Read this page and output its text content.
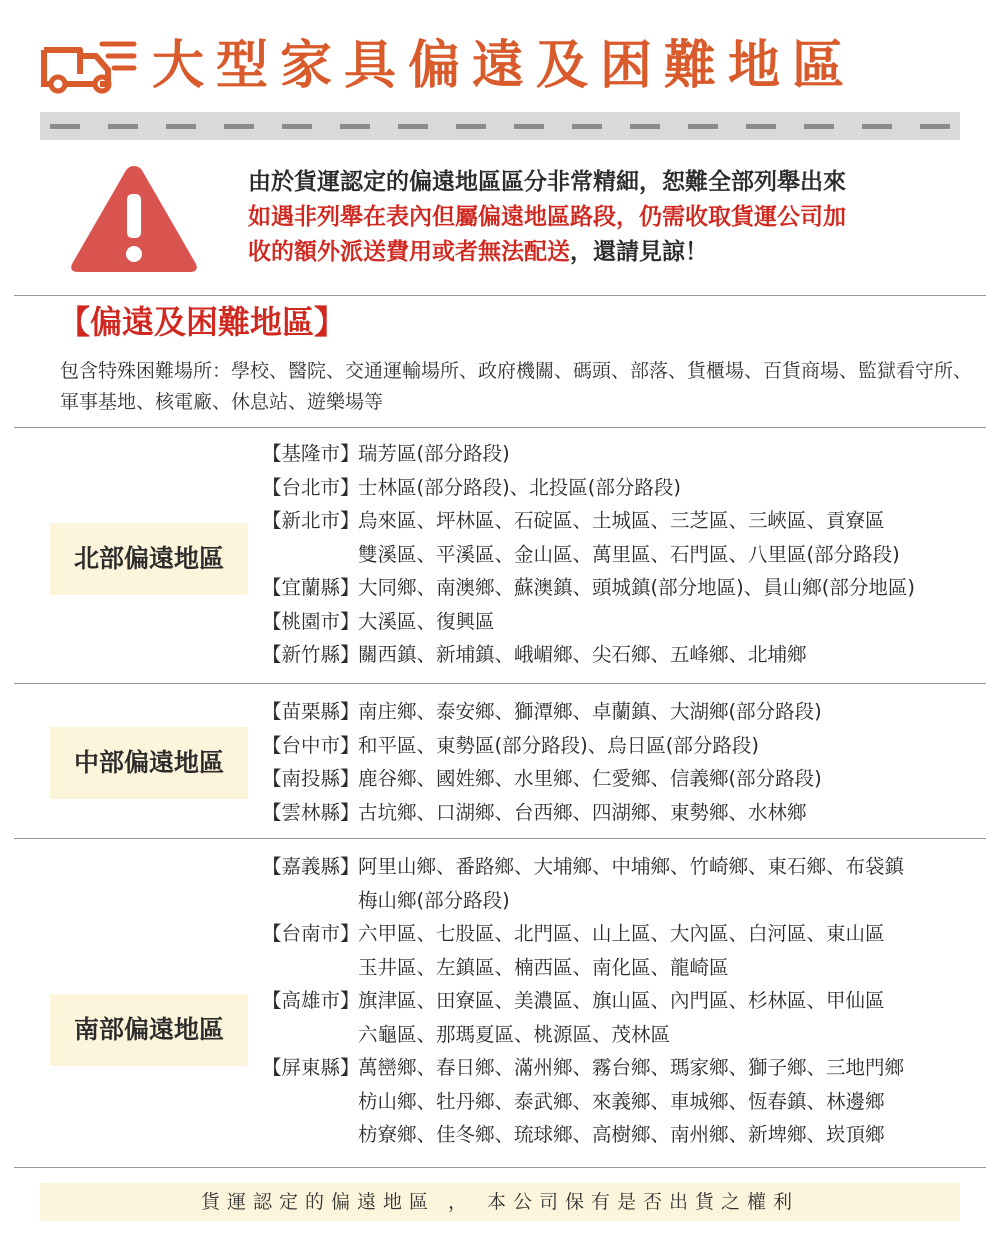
大型家具偏遠及困難地區
由於貨運認定的偏遠地區區分非常精細，恕難全部列舉出來
如遇非列舉在表內但屬偏遠地區路段，仍需收取貨運公司加
收的額外派送費用或者無法配送，還請見諒！
【偏遠及困難地區】
包含特殊困難場所：學校、醫院、交通運輸場所、政府機關、碼頭、部落、貨櫃場、百貨商場、監獄看守所、軍事基地、核電廠、休息站、遊樂場等
北部偏遠地區
【基隆市】
瑞芳區(部分路段)
【台北市】
士林區(部分路段)、北投區(部分路段)
【新北市】
烏來區、坪林區、石碇區、土城區、三芝區、三峽區、貢寮區
雙溪區、平溪區、金山區、萬里區、石門區、八里區(部分路段)
【宜蘭縣】
大同鄉、南澳鄉、蘇澳鎮、頭城鎮(部分地區)、員山鄉(部分地區)
【桃園市】
大溪區、復興區
【新竹縣】
關西鎮、新埔鎮、峨嵋鄉、尖石鄉、五峰鄉、北埔鄉
中部偏遠地區
【苗栗縣】
南庄鄉、泰安鄉、獅潭鄉、卓蘭鎮、大湖鄉(部分路段)
【台中市】
和平區、東勢區(部分路段)、烏日區(部分路段)
【南投縣】
鹿谷鄉、國姓鄉、水里鄉、仁愛鄉、信義鄉(部分路段)
【雲林縣】
古坑鄉、口湖鄉、台西鄉、四湖鄉、東勢鄉、水林鄉
南部偏遠地區
【嘉義縣】
阿里山鄉、番路鄉、大埔鄉、中埔鄉、竹崎鄉、東石鄉、布袋鎮
梅山鄉(部分路段)
【台南市】
六甲區、七股區、北門區、山上區、大內區、白河區、東山區
玉井區、左鎮區、楠西區、南化區、龍崎區
【高雄市】
旗津區、田寮區、美濃區、旗山區、內門區、杉林區、甲仙區
六龜區、那瑪夏區、桃源區、茂林區
【屏東縣】
萬巒鄉、春日鄉、滿州鄉、霧台鄉、瑪家鄉、獅子鄉、三地門鄉
枋山鄉、牡丹鄉、泰武鄉、來義鄉、車城鄉、恆春鎮、林邊鄉
枋寮鄉、佳冬鄉、琉球鄉、高樹鄉、南州鄉、新埤鄉、崁頂鄉
貨運認定的偏遠地區 ， 本公司保有是否出貨之權利
